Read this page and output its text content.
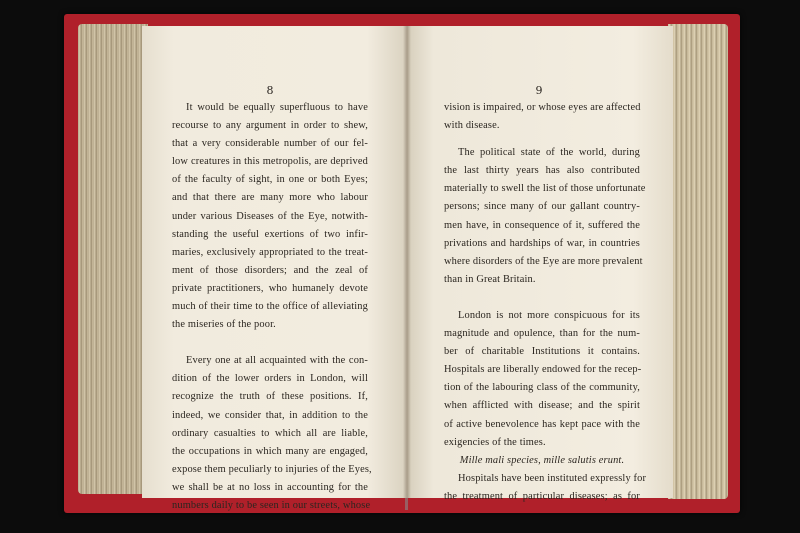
8	9
It would be equally superfluous to have
recourse to any argument in order to shew,
that a very considerable number of our fel-
low creatures in this metropolis, are deprived
of the faculty of sight, in one or both Eyes;
and that there are many more who labour
under various Diseases of the Eye, notwith-
standing the useful exertions of two infir-
maries, exclusively appropriated to the treat-
ment of those disorders; and the zeal of
private practitioners, who humanely devote
much of their time to the office of alleviating
the miseries of the poor.
Every one at all acquainted with the con-
dition of the lower orders in London, will
recognize the truth of these positions. If,
indeed, we consider that, in addition to the
ordinary casualties to which all are liable,
the occupations in which many are engaged,
expose them peculiarly to injuries of the Eyes,
we shall be at no loss in accounting for the
numbers daily to be seen in our streets, whose
vision is impaired, or whose eyes are affected
with disease.
The political state of the world, during
the last thirty years has also contributed
materially to swell the list of those unfortunate
persons; since many of our gallant country-
men have, in consequence of it, suffered the
privations and hardships of war, in countries
where disorders of the Eye are more prevalent
than in Great Britain.
London is not more conspicuous for its
magnitude and opulence, than for the num-
ber of charitable Institutions it contains.
Hospitals are liberally endowed for the recep-
tion of the labouring class of the community,
when afflicted with disease; and the spirit
of active benevolence has kept pace with the
exigencies of the times.
Mille mali species, mille salutis erunt.
Hospitals have been instituted expressly for
the treatment of particular diseases; as for
